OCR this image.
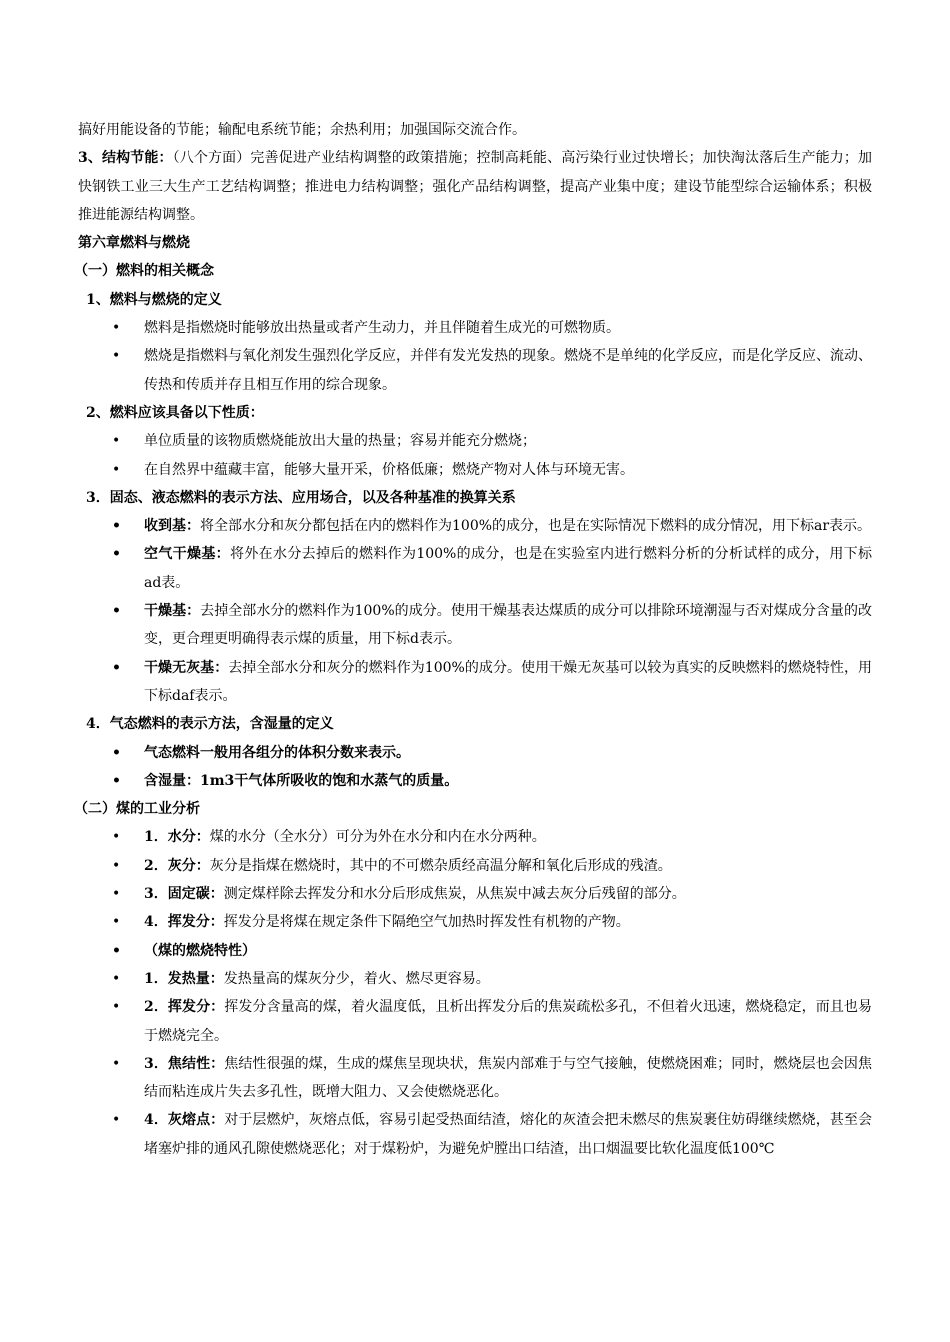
搞好用能设备的节能；输配电系统节能；余热利用；加强国际交流合作。

3、结构节能：（八个方面）完善促进产业结构调整的政策措施；控制高耗能、高污染行业过快增长；加快淘汰落后生产能力；加快钢铁工业三大生产工艺结构调整；推进电力结构调整；强化产品结构调整，提高产业集中度；建设节能型综合运输体系；积极推进能源结构调整。

第六章燃料与燃烧

（一）燃料的相关概念

1、燃料与燃烧的定义

• 燃料是指燃烧时能够放出热量或者产生动力，并且伴随着生成光的可燃物质。
• 燃烧是指燃料与氧化剂发生强烈化学反应，并伴有发光发热的现象。燃烧不是单纯的化学反应，而是化学反应、流动、传热和传质并存且相互作用的综合现象。

2、燃料应该具备以下性质：

• 单位质量的该物质燃烧能放出大量的热量；容易并能充分燃烧；
• 在自然界中蕴藏丰富，能够大量开采，价格低廉；燃烧产物对人体与环境无害。

3．固态、液态燃料的表示方法、应用场合，以及各种基准的换算关系

• 收到基：将全部水分和灰分都包括在内的燃料作为100%的成分，也是在实际情况下燃料的成分情况，用下标ar表示。
• 空气干燥基：将外在水分去掉后的燃料作为100%的成分，也是在实验室内进行燃料分析的分析试样的成分，用下标ad表。
• 干燥基：去掉全部水分的燃料作为100%的成分。使用干燥基表达煤质的成分可以排除环境潮湿与否对煤成分含量的改变，更合理更明确得表示煤的质量，用下标d表示。
• 干燥无灰基：去掉全部水分和灰分的燃料作为100%的成分。使用干燥无灰基可以较为真实的反映燃料的燃烧特性，用下标daf表示。

4．气态燃料的表示方法，含湿量的定义

• 气态燃料一般用各组分的体积分数来表示。
• 含湿量：1m3干气体所吸收的饱和水蒸气的质量。

（二）煤的工业分析

• 1．水分：煤的水分（全水分）可分为外在水分和内在水分两种。
• 2．灰分：灰分是指煤在燃烧时，其中的不可燃杂质经高温分解和氧化后形成的残渣。
• 3．固定碳：测定煤样除去挥发分和水分后形成焦炭，从焦炭中减去灰分后残留的部分。
• 4．挥发分：挥发分是将煤在规定条件下隔绝空气加热时挥发性有机物的产物。
• （煤的燃烧特性）
• 1．发热量：发热量高的煤灰分少，着火、燃尽更容易。
• 2．挥发分：挥发分含量高的煤，着火温度低，且析出挥发分后的焦炭疏松多孔，不但着火迅速，燃烧稳定，而且也易于燃烧完全。
• 3．焦结性：焦结性很强的煤，生成的煤焦呈现块状，焦炭内部难于与空气接触，使燃烧困难；同时，燃烧层也会因焦结而粘连成片失去多孔性，既增大阻力、又会使燃烧恶化。
• 4．灰熔点：对于层燃炉，灰熔点低，容易引起受热面结渣，熔化的灰渣会把未燃尽的焦炭裹住妨碍继续燃烧，甚至会堵塞炉排的通风孔隙使燃烧恶化；对于煤粉炉，为避免炉膛出口结渣，出口烟温要比软化温度低100℃
